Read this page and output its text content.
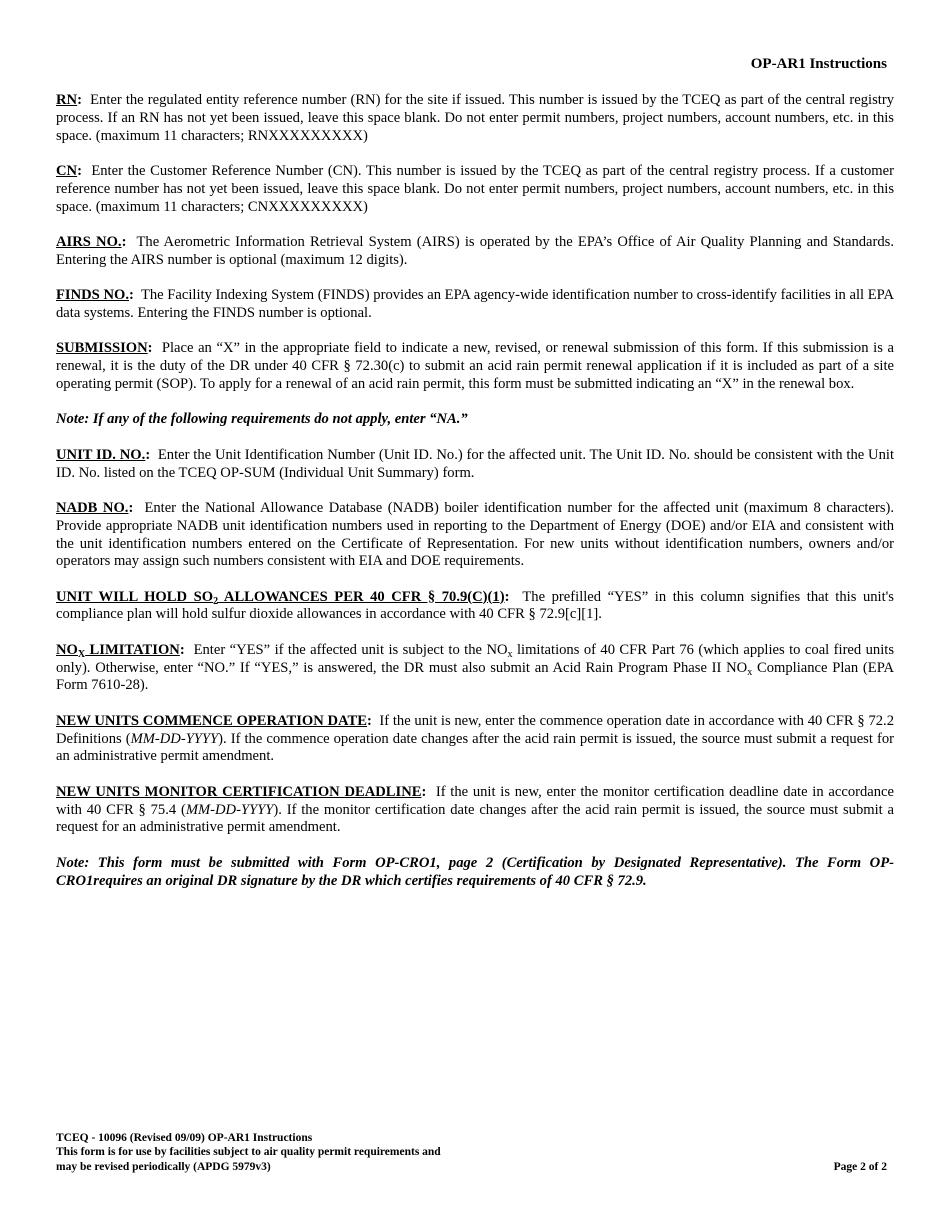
OP-AR1 Instructions

RN: Enter the regulated entity reference number (RN) for the site if issued. This number is issued by the TCEQ as part of the central registry process. If an RN has not yet been issued, leave this space blank. Do not enter permit numbers, project numbers, account numbers, etc. in this space. (maximum 11 characters; RNXXXXXXXXX)

CN: Enter the Customer Reference Number (CN). This number is issued by the TCEQ as part of the central registry process. If a customer reference number has not yet been issued, leave this space blank. Do not enter permit numbers, project numbers, account numbers, etc. in this space. (maximum 11 characters; CNXXXXXXXXX)

AIRS NO.: The Aerometric Information Retrieval System (AIRS) is operated by the EPA’s Office of Air Quality Planning and Standards. Entering the AIRS number is optional (maximum 12 digits).

FINDS NO.: The Facility Indexing System (FINDS) provides an EPA agency-wide identification number to cross-identify facilities in all EPA data systems. Entering the FINDS number is optional.

SUBMISSION: Place an “X” in the appropriate field to indicate a new, revised, or renewal submission of this form. If this submission is a renewal, it is the duty of the DR under 40 CFR § 72.30(c) to submit an acid rain permit renewal application if it is included as part of a site operating permit (SOP). To apply for a renewal of an acid rain permit, this form must be submitted indicating an “X” in the renewal box.

Note: If any of the following requirements do not apply, enter “NA.”

UNIT ID. NO.: Enter the Unit Identification Number (Unit ID. No.) for the affected unit. The Unit ID. No. should be consistent with the Unit ID. No. listed on the TCEQ OP-SUM (Individual Unit Summary) form.

NADB NO.: Enter the National Allowance Database (NADB) boiler identification number for the affected unit (maximum 8 characters). Provide appropriate NADB unit identification numbers used in reporting to the Department of Energy (DOE) and/or EIA and consistent with the unit identification numbers entered on the Certificate of Representation. For new units without identification numbers, owners and/or operators may assign such numbers consistent with EIA and DOE requirements.

UNIT WILL HOLD $SO_2$ ALLOWANCES PER 40 CFR § 70.9(C)(1): The prefilled “YES” in this column signifies that this unit's compliance plan will hold sulfur dioxide allowances in accordance with 40 CFR § 72.9[c][1].

$NO_X$ LIMITATION: Enter “YES” if the affected unit is subject to the $NO_x$ limitations of 40 CFR Part 76 (which applies to coal fired units only). Otherwise, enter “NO.” If “YES,” is answered, the DR must also submit an Acid Rain Program Phase II $NO_x$ Compliance Plan (EPA Form 7610-28).

NEW UNITS COMMENCE OPERATION DATE: If the unit is new, enter the commence operation date in accordance with 40 CFR § 72.2 Definitions (MM-DD-YYYY). If the commence operation date changes after the acid rain permit is issued, the source must submit a request for an administrative permit amendment.

NEW UNITS MONITOR CERTIFICATION DEADLINE: If the unit is new, enter the monitor certification deadline date in accordance with 40 CFR § 75.4 (MM-DD-YYYY). If the monitor certification date changes after the acid rain permit is issued, the source must submit a request for an administrative permit amendment.

Note: This form must be submitted with Form OP-CRO1, page 2 (Certification by Designated Representative). The Form OP-CRO1requires an original DR signature by the DR which certifies requirements of 40 CFR § 72.9.

TCEQ - 10096 (Revised 09/09) OP-AR1 Instructions
This form is for use by facilities subject to air quality permit requirements and
may be revised periodically (APDG 5979v3)	Page 2 of 2
